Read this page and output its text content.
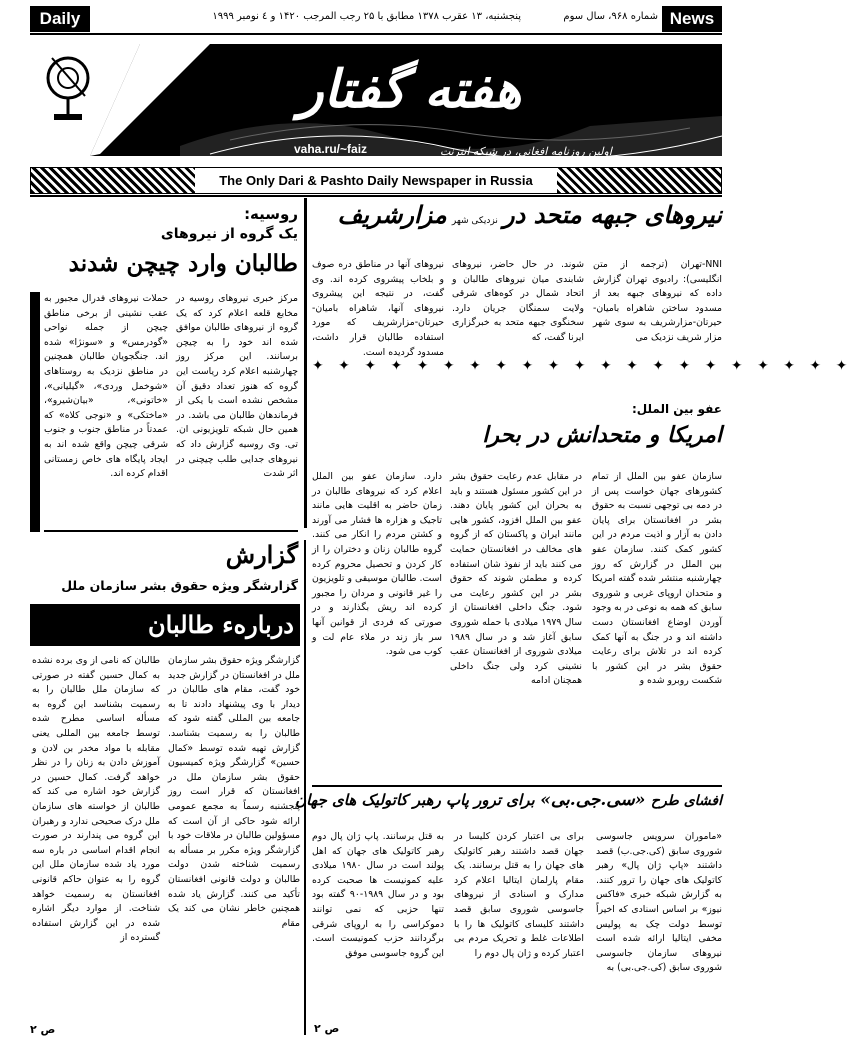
Daily	News
شماره ۹۶۸، سال سوم
پنجشنبه، ۱۳ عقرب ۱۳۷۸ مطابق با ۲۵ رجب المرجب ۱۴۲۰ و ٤ نومبر ۱۹۹۹
هفته گفتار
vaha.ru/~faiz	اولین روزنامه افغانی، در شبکه انترنت
The Only Dari & Pashto Daily Newspaper in Russia
نیروهای جبهه متحد در نزدیکی شهر مزارشریف

NNI-تهران (ترجمه از متن انگلیسی): رادیوی تهران گزارش داده که نیروهای جبهه بعد از مسدود ساختن شاهراه بامیان-حیرتان-مزارشریف به سوی شهر مزار شریف نزدیک می

شوند. در حال حاضر، نیروهای شابندی میان نیروهای طالبان و اتحاد شمال در کوه‌های شرقی ولایت سمنگان جریان دارد. سخنگوی جبهه متحد به خبرگزاری ایرنا گفت، که

نیروهای آنها در مناطق دره صوف و بلخاب پیشروی کرده اند. وی گفت، در نتیجه این پیشروی نیروهای آنها، شاهراه بامیان-حیرتان-مزارشریف که مورد استفاده طالبان قرار داشت، مسدود گردیده است.

✦ ✦ ✦ ✦ ✦ ✦ ✦ ✦ ✦ ✦ ✦ ✦ ✦ ✦ ✦ ✦ ✦ ✦ ✦ ✦ ✦
روسیه:
یک گروه از نیروهای
طالبان وارد چیچن شدند

مرکز خبری نیروهای روسیه در مخابع قلعه اعلام کرد که یک گروه از نیروهای طالبان موافق شده اند خود را به چیچن برسانند. این مرکز روز چهارشنبه اعلام کرد ریاست این گروه که هنوز تعداد دقیق آن مشخص نشده است با یکی از فرماندهان طالبان می باشد. در همین حال شبکه تلویزیونی ان. تی. وی روسیه گزارش داد که نیروهای جدایی طلب چیچنی در اثر شدت

حملات نیروهای فدرال مجبور به عقب نشینی از برخی مناطق چیچن از جمله نواحی «گودرمس» و «سونژا» شده اند. جنگجویان طالبان همچنین در مناطق نزدیک به روستاهای «شوخمل وردی»، «گیلیانی»، «خاتونی»، «بیان‌شیرو»، «ماختکی» و «نوجی کلاه» که عمدتاً در مناطق جنوب و جنوب شرقی چیچن واقع شده اند به ایجاد پایگاه های خاص زمستانی اقدام کرده اند.

عفو بین الملل:
امریکا و متحدانش در بحرا

سازمان عفو بین الملل از تمام کشورهای جهان خواست پس از در دمه بی توجهی نسبت به حقوق بشر در افغانستان برای پایان دادن به آزار و اذیت مردم در این کشور کمک کنند. سازمان عفو بین الملل در گزارش که روز چهارشنبه منتشر شده گفته امریکا و متحدان اروپای غربی و شوروی سابق که همه به نوعی در به وجود آوردن اوضاع افغانستان دست داشته اند و در جنگ به آنها کمک کرده اند در تلاش برای رعایت حقوق بشر در این کشور با شکست روبرو شده و

در مقابل عدم رعایت حقوق بشر در این کشور مسئول هستند و باید به بحران این کشور پایان دهند. عفو بین الملل افزود، کشور هایی مانند ایران و پاکستان که از گروه های مخالف در افغانستان حمایت می کنند باید از نفوذ شان استفاده کرده و مطمئن شوند که حقوق بشر در این کشور رعایت می شود. جنگ داخلی افغانستان از سال ۱۹۷۹ میلادی با حمله شوروی سابق آغاز شد و در سال ۱۹۸۹ میلادی شوروی از افغانستان عقب نشینی کرد ولی جنگ داخلی همچنان ادامه

دارد. سازمان عفو بین الملل اعلام کرد که نیروهای طالبان در زمان حاضر به اقلیت هایی مانند تاجیک و هزاره ها فشار می آورند و کشتن مردم را انکار می کنند. گروه طالبان زنان و دختران را از کار کردن و تحصیل محروم کرده است. طالبان موسیقی و تلویزیون را غیر قانونی و مردان را مجبور کرده اند ریش بگذارند و در صورتی که فردی از قوانین آنها سر باز زند در ملاء عام لت و کوب می شود.

گزارش
گزارشگر ویژه حقوق بشر سازمان ملل
درباره‌ء طالبان

گزارشگر ویژه حقوق بشر سازمان ملل در افغانستان در گزارش جدید خود گفت، مقام های طالبان در دیدار با وی پیشنهاد دادند تا به جامعه بین المللی گفته شود که طالبان را به رسمیت بشناسد. گزارش تهیه شده توسط «کمال حسین» گزارشگر ویژه کمیسیون حقوق بشر سازمان ملل در افغانستان که قرار است روز پنجشنبه رسماً به مجمع عمومی ارائه شود حاکی از آن است که مسؤولین طالبان در ملاقات خود با گزارشگر ویژه مکرر بر مسأله به رسمیت شناخته شدن دولت طالبان و دولت قانونی افغانستان تأکید می کنند. گزارش یاد شده همچنین خاطر نشان می کند یک مقام

طالبان که نامی از وی برده نشده به کمال حسین گفته در صورتی که سازمان ملل طالبان را به رسمیت بشناسد این گروه به مسأله اساسی مطرح شده توسط جامعه بین المللی یعنی مقابله با مواد مخدر بن لادن و آموزش دادن به زنان را در نظر خواهد گرفت. کمال حسین در گزارش خود اشاره می کند که طالبان از خواسته های سازمان ملل درک صحیحی ندارد و رهبران این گروه می پندارند در صورت انجام اقدام اساسی در باره سه مورد یاد شده سازمان ملل این گروه را به عنوان حاکم قانونی افغانستان به رسمیت خواهد شناخت. از موارد دیگر اشاره شده در این گزارش استفاده گسترده از

ص ۲
افشای طرح «سی.جی.بی» برای ترور پاپ رهبر کاتولیک های جهان

«ماموران سرویس جاسوسی شوروی سابق (کی.جی.ب) قصد داشتند «پاپ ژان پال» رهبر کاتولیک های جهان را ترور کنند. به گزارش شبکه خبری «فاکس نیوز» بر اساس اسنادی که اخیراً توسط دولت چک به پولیس مخفی ایتالیا ارائه شده است نیروهای سازمان جاسوسی شوروی سابق (کی.جی.بی) به

برای بی اعتبار کردن کلیسا در جهان قصد داشتند رهبر کاتولیک های جهان را به قتل برسانند. یک مقام پارلمان ایتالیا اعلام کرد مدارک و اسنادی از نیروهای جاسوسی شوروی سابق قصد داشتند کلیسای کاتولیک ها را با اطلاعات غلط و تحریک مردم بی اعتبار کرده و ژان پال دوم را

به قتل برسانند. پاپ ژان پال دوم رهبر کاتولیک های جهان که اهل پولند است در سال ۱۹۸۰ میلادی علیه کمونیست ها صحبت کرده بود و در سال ۱۹۸۹-۹۰ گفته بود تنها حزبی که نمی توانند دموکراسی را به اروپای شرقی برگردانند حزب کمونیست است. این گروه جاسوسی موفق

ص ۲
